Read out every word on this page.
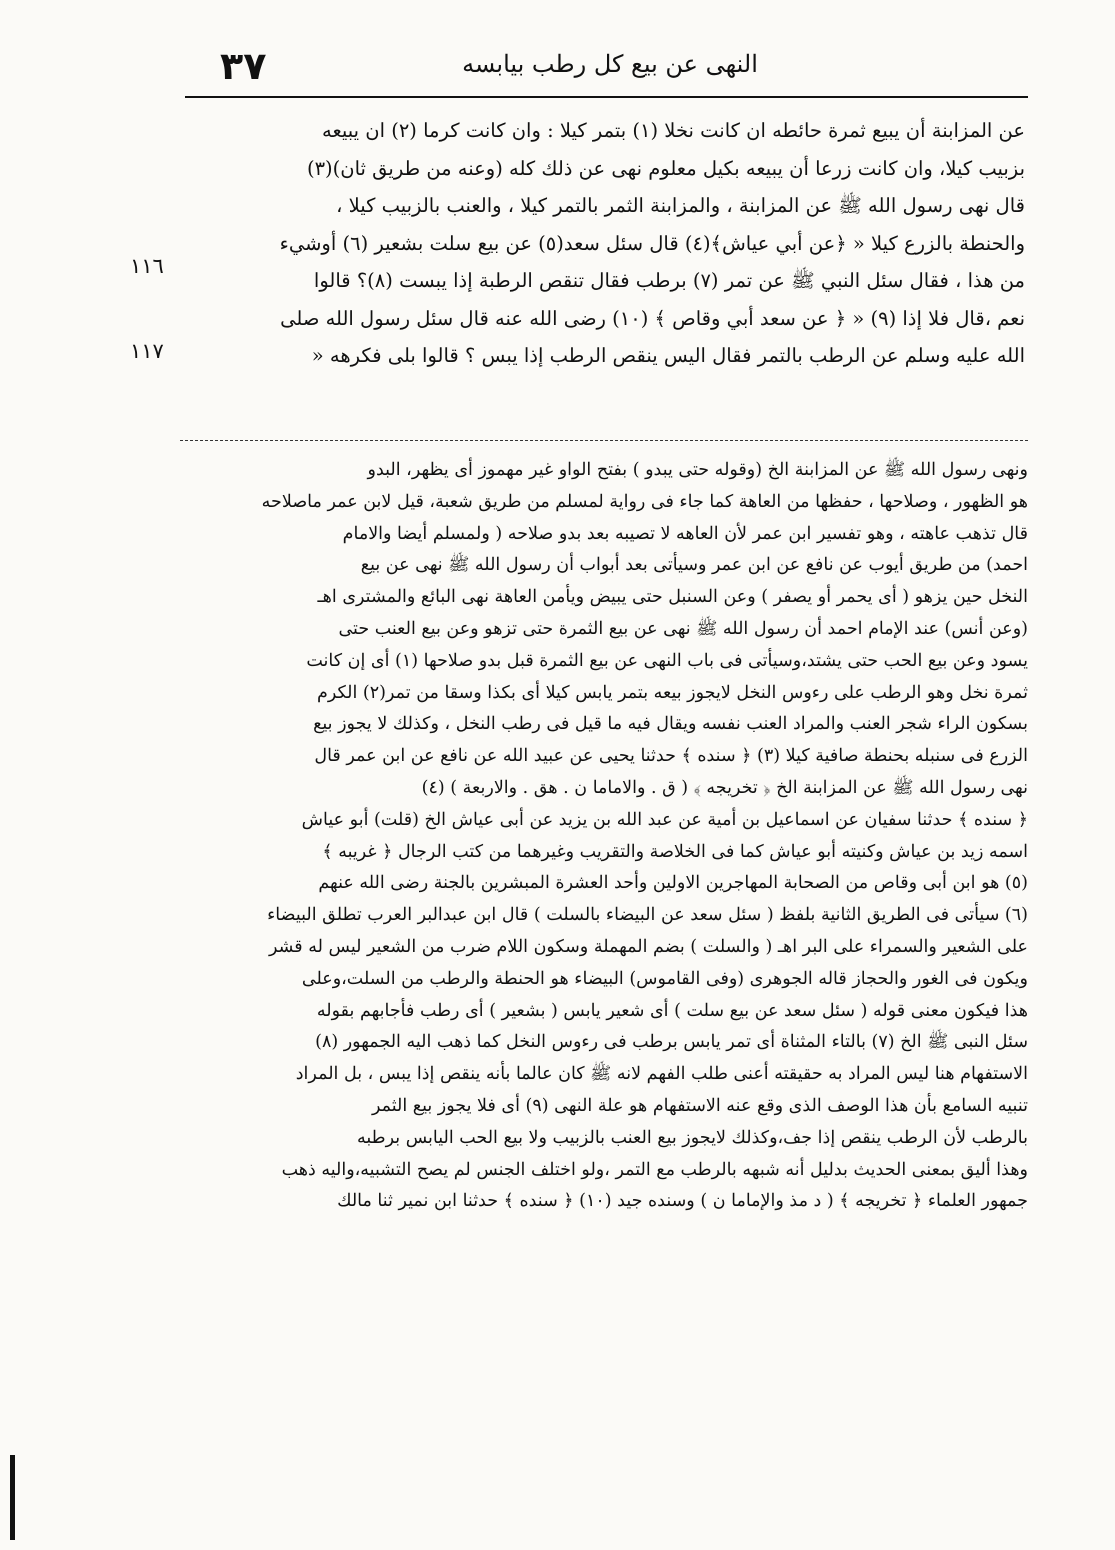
٣٧	النهى عن بيع كل رطب بيابسه
١١٦
١١٧
عن المزابنة أن يبيع ثمرة حائطه ان كانت نخلا (١) بتمر كيلا : وان كانت كرما (٢) ان يبيعه
بزبيب كيلا، وان كانت زرعا أن يبيعه بكيل معلوم نهى عن ذلك كله (وعنه من طريق ثان)(٣)
قال نهى رسول الله ﷺ عن المزابنة ، والمزابنة الثمر بالتمر كيلا ، والعنب بالزبيب كيلا ،
والحنطة بالزرع كيلا « ﴿عن أبي عياش﴾(٤) قال سئل سعد(٥) عن بيع سلت بشعير (٦) أوشيء
من هذا ، فقال سئل النبي ﷺ عن تمر (٧) برطب فقال تنقص الرطبة إذا يبست (٨)؟ قالوا
نعم ،قال فلا إذا (٩) « ﴿ عن سعد أبي وقاص ﴾ (١٠) رضى الله عنه قال سئل رسول الله صلى
الله عليه وسلم عن الرطب بالتمر فقال اليس ينقص الرطب إذا يبس ؟ قالوا بلى فكرهه «
ونهى رسول الله ﷺ عن المزابنة الخ (وقوله حتى يبدو ) بفتح الواو غير مهموز أى يظهر، البدو
هو الظهور ، وصلاحها ، حفظها من العاهة كما جاء فى رواية لمسلم من طريق شعبة، قيل لابن عمر ماصلاحه
قال تذهب عاهته ، وهو تفسير ابن عمر لأن العاهه لا تصيبه بعد بدو صلاحه ( ولمسلم أيضا والامام
احمد) من طريق أيوب عن نافع عن ابن عمر وسيأتى بعد أبواب أن رسول الله ﷺ نهى عن بيع
النخل حين يزهو ( أى يحمر أو يصفر ) وعن السنبل حتى يبيض ويأمن العاهة نهى البائع والمشترى اهـ
(وعن أنس) عند الإمام احمد أن رسول الله ﷺ نهى عن بيع الثمرة حتى تزهو وعن بيع العنب حتى
يسود وعن بيع الحب حتى يشتد،وسيأتى فى باب النهى عن بيع الثمرة قبل بدو صلاحها (١) أى إن كانت
ثمرة نخل وهو الرطب على رءوس النخل لايجوز بيعه بتمر يابس كيلا أى بكذا وسقا من تمر(٢) الكرم
بسكون الراء شجر العنب والمراد العنب نفسه ويقال فيه ما قيل فى رطب النخل ، وكذلك لا يجوز بيع
الزرع فى سنبله بحنطة صافية كيلا (٣) ﴿ سنده ﴾ حدثنا يحيى عن عبيد الله عن نافع عن ابن عمر قال
نهى رسول الله ﷺ عن المزابنة الخ ﴿ تخريجه ﴾ ( ق . والاماما ن . هق . والاربعة ) (٤)
﴿ سنده ﴾ حدثنا سفيان عن اسماعيل بن أمية عن عبد الله بن يزيد عن أبى عياش الخ (قلت) أبو عياش
اسمه زيد بن عياش وكنيته أبو عياش كما فى الخلاصة والتقريب وغيرهما من كتب الرجال ﴿ غريبه ﴾
(٥) هو ابن أبى وقاص من الصحابة المهاجرين الاولين وأحد العشرة المبشرين بالجنة رضى الله عنهم
(٦) سيأتى فى الطريق الثانية بلفظ ( سئل سعد عن البيضاء بالسلت ) قال ابن عبدالبر العرب تطلق البيضاء
على الشعير والسمراء على البر اهـ ( والسلت ) بضم المهملة وسكون اللام ضرب من الشعير ليس له قشر
ويكون فى الغور والحجاز قاله الجوهرى (وفى القاموس) البيضاء هو الحنطة والرطب من السلت،وعلى
هذا فيكون معنى قوله ( سئل سعد عن بيع سلت ) أى شعير يابس ( بشعير ) أى رطب فأجابهم بقوله
سئل النبى ﷺ الخ (٧) بالتاء المثناة أى تمر يابس برطب فى رءوس النخل كما ذهب اليه الجمهور (٨)
الاستفهام هنا ليس المراد به حقيقته أعنى طلب الفهم لانه ﷺ كان عالما بأنه ينقص إذا يبس ، بل المراد
تنبيه السامع بأن هذا الوصف الذى وقع عنه الاستفهام هو علة النهى (٩) أى فلا يجوز بيع الثمر
بالرطب لأن الرطب ينقص إذا جف،وكذلك لايجوز بيع العنب بالزبيب ولا بيع الحب اليابس برطبه
وهذا أليق بمعنى الحديث بدليل أنه شبهه بالرطب مع التمر ،ولو اختلف الجنس لم يصح التشبيه،واليه ذهب
جمهور العلماء ﴿ تخريجه ﴾ ( د مذ والإماما ن ) وسنده جيد (١٠) ﴿ سنده ﴾ حدثنا ابن نمير ثنا مالك
